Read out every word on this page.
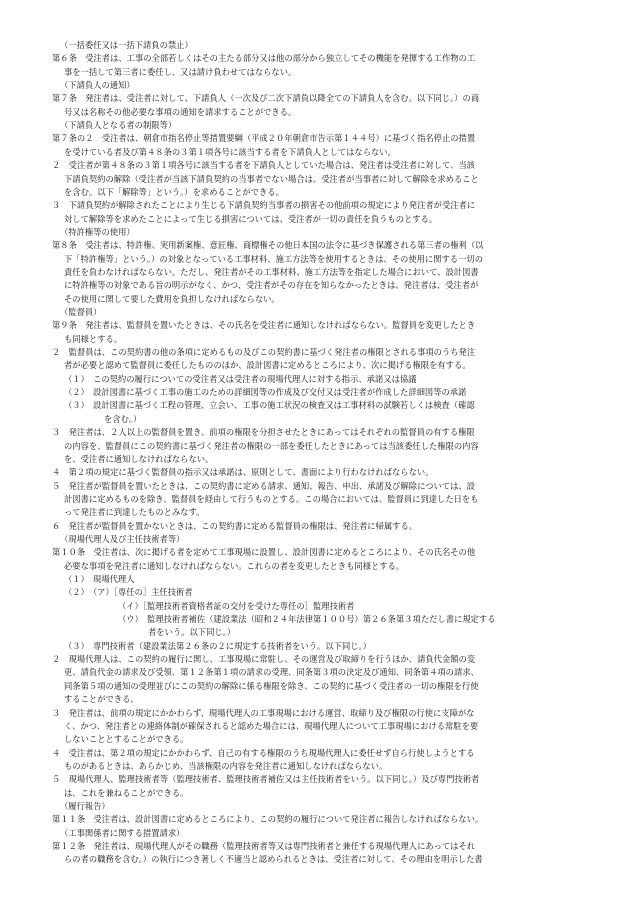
（一括委任又は一括下請負の禁止）
第６条　受注者は、工事の全部若しくはその主たる部分又は他の部分から独立してその機能を発揮する工作物の工
事を一括して第三者に委任し、又は請け負わせてはならない。
（下請負人の通知）
第７条　発注者は、受注者に対して、下請負人（一次及び二次下請負以降全ての下請負人を含む。以下同じ。）の商
号又は名称その他必要な事項の通知を請求することができる。
（下請負人となる者の制限等）
第７条の２　受注者は、朝倉市指名停止等措置要綱（平成２０年朝倉市告示第１４４号）に基づく指名停止の措置
を受けている者及び第４８条の３第１項各号に該当する者を下請負人としてはならない。
２　受注者が第４８条の３第１項各号に該当する者を下請負人としていた場合は、発注者は受注者に対して、当該
下請負契約の解除（受注者が当該下請負契約の当事者でない場合は、受注者が当事者に対して解除を求めること
を含む。以下「解除等」という。）を求めることができる。
３　下請負契約が解除されたことにより生じる下請負契約当事者の損害その他前項の規定により発注者が受注者に
対して解除等を求めたことによって生じる損害については、受注者が一切の責任を負うものとする。
（特許権等の使用）
第８条　受注者は、特許権、実用新案権、意匠権、商標権その他日本国の法令に基づき保護される第三者の権利（以
下「特許権等」という。）の対象となっている工事材料、施工方法等を使用するときは、その使用に関する一切の
責任を負わなければならない。ただし、発注者がその工事材料、施工方法等を指定した場合において、設計図書
に特許権等の対象である旨の明示がなく、かつ、受注者がその存在を知らなかったときは、発注者は、受注者が
その使用に関して要した費用を負担しなければならない。
（監督員）
第９条　発注者は、監督員を置いたときは、その氏名を受注者に通知しなければならない。監督員を変更したとき
も同様とする。
２　監督員は、この契約書の他の条項に定めるもの及びこの契約書に基づく発注者の権限とされる事項のうち発注
者が必要と認めて監督員に委任したもののほか、設計図書に定めるところにより、次に掲げる権限を有する。
（１）　この契約の履行についての受注者又は受注者の現場代理人に対する指示、承諾又は協議
（２）　設計図書に基づく工事の施工のための詳細図等の作成及び交付又は受注者が作成した詳細図等の承諾
（３）　設計図書に基づく工程の管理、立会い、工事の施工状況の検査又は工事材料の試験若しくは検査（確認
を含む。）
３　発注者は、２人以上の監督員を置き、前項の権限を分担させたときにあってはそれぞれの監督員の有する権限
の内容を、監督員にこの契約書に基づく発注者の権限の一部を委任したときにあっては当該委任した権限の内容
を、受注者に通知しなければならない。
４　第２項の規定に基づく監督員の指示又は承諾は、原則として、書面により行わなければならない。
５　発注者が監督員を置いたときは、この契約書に定める請求、通知、報告、申出、承諾及び解除については、設
計図書に定めるものを除き、監督員を経由して行うものとする。この場合においては、監督員に到達した日をも
って発注者に到達したものとみなす。
６　発注者が監督員を置かないときは、この契約書に定める監督員の権限は、発注者に帰属する。
（現場代理人及び主任技術者等）
第１０条　受注者は、次に掲げる者を定めて工事現場に設置し、設計図書に定めるところにより、その氏名その他
必要な事項を発注者に通知しなければならない。これらの者を変更したときも同様とする。
（１）　現場代理人
（２）　（ア）［専任の］主任技術者
（イ）［監理技術者資格者証の交付を受けた専任の］監理技術者
（ウ）　監理技術者補佐（建設業法（昭和２４年法律第１００号）第２６条第３項ただし書に規定する
者をいう。以下同じ。）
（３）　専門技術者（建設業法第２６条の２に規定する技術者をいう。以下同じ。）
２　現場代理人は、この契約の履行に関し、工事現場に常駐し、その運営及び取締りを行うほか、請負代金額の変
更、請負代金の請求及び受領、第１２条第１項の請求の受理、同条第３項の決定及び通知、同条第４項の請求、
同条第５項の通知の受理並びにこの契約の解除に係る権限を除き、この契約に基づく受注者の一切の権限を行使
することができる。
３　発注者は、前項の規定にかかわらず、現場代理人の工事現場における運営、取締り及び権限の行使に支障がな
く、かつ、発注者との連絡体制が確保されると認めた場合には、現場代理人について工事現場における常駐を要
しないこととすることができる。
４　受注者は、第２項の規定にかかわらず、自己の有する権限のうち現場代理人に委任せず自ら行使しようとする
ものがあるときは、あらかじめ、当該権限の内容を発注者に通知しなければならない。
５　現場代理人、監理技術者等（監理技術者、監理技術者補佐又は主任技術者をいう。以下同じ。）及び専門技術者
は、これを兼ねることができる。
（履行報告）
第１１条　受注者は、設計図書に定めるところにより、この契約の履行について発注者に報告しなければならない。
（工事関係者に関する措置請求）
第１２条　発注者は、現場代理人がその職務（監理技術者等又は専門技術者と兼任する現場代理人にあってはそれ
らの者の職務を含む。）の執行につき著しく不適当と認められるときは、受注者に対して、その理由を明示した書
